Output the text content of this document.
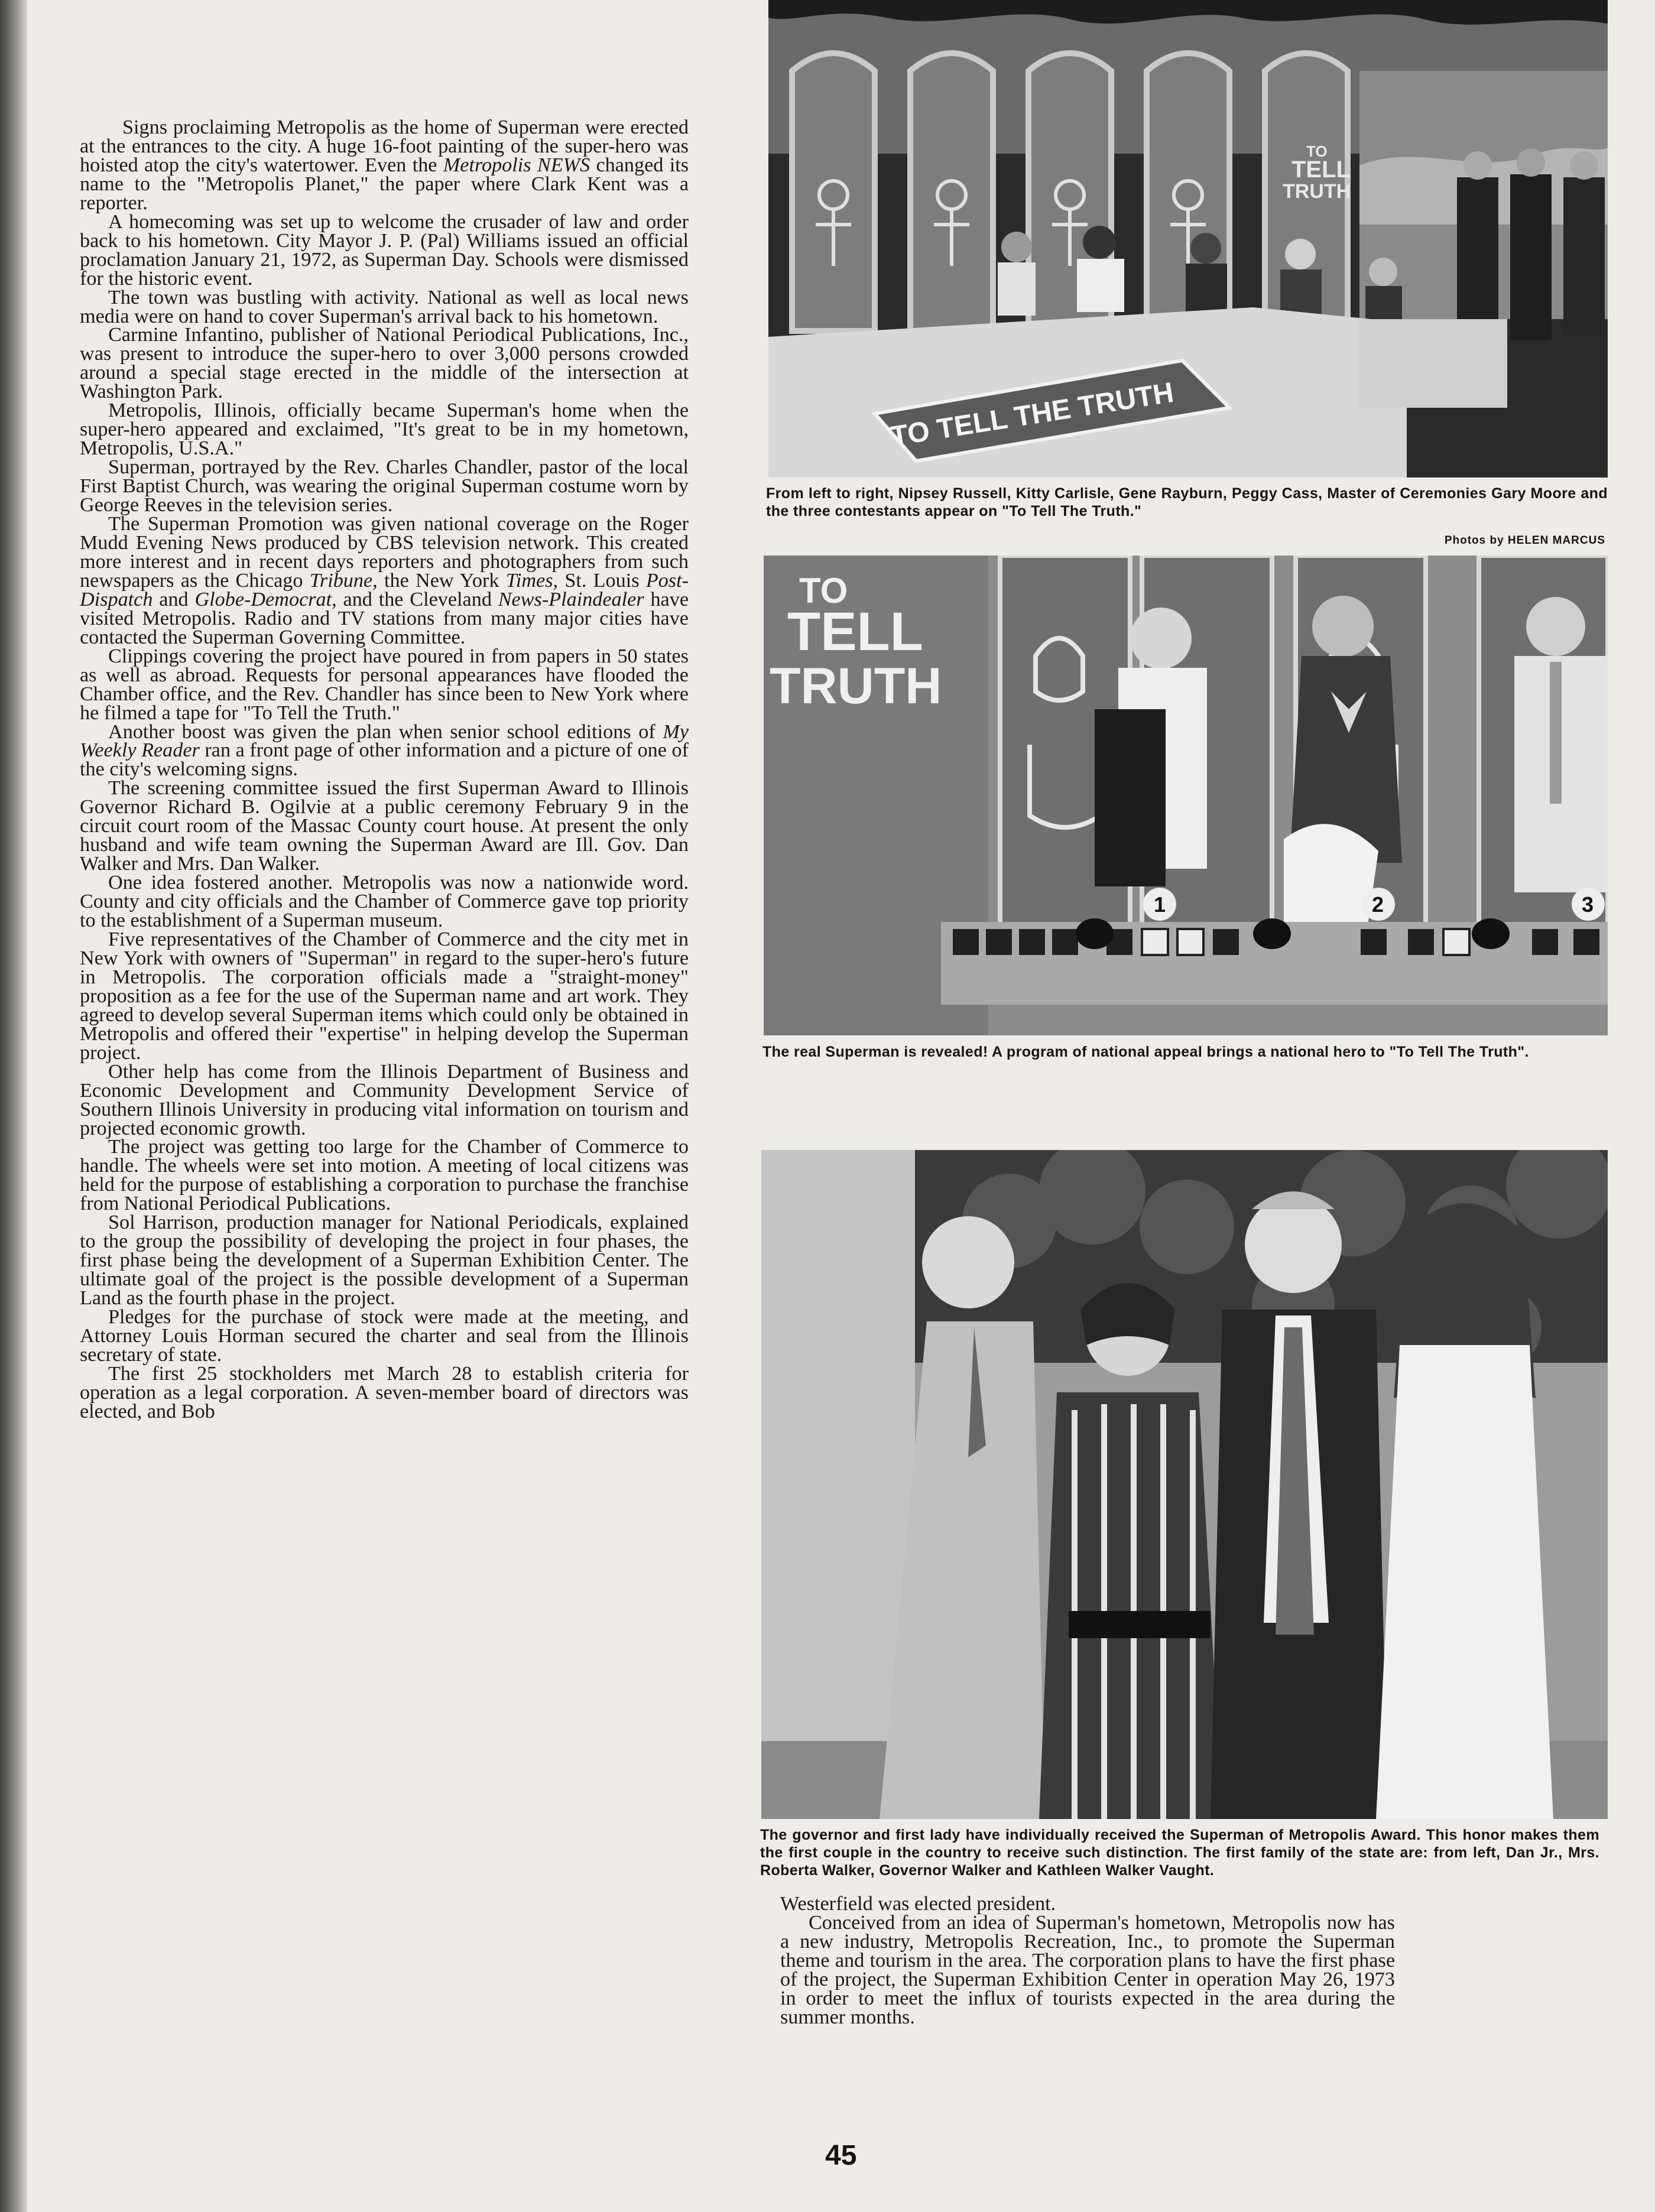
Signs proclaiming Metropolis as the home of Superman were erected at the entrances to the city. A huge 16-foot painting of the super-hero was hoisted atop the city's watertower. Even the Metropolis NEWS changed its name to the "Metropolis Planet," the paper where Clark Kent was a reporter.

A homecoming was set up to welcome the crusader of law and order back to his hometown. City Mayor J. P. (Pal) Williams issued an official proclamation January 21, 1972, as Superman Day. Schools were dismissed for the historic event.

The town was bustling with activity. National as well as local news media were on hand to cover Superman's arrival back to his hometown.

Carmine Infantino, publisher of National Periodical Publications, Inc., was present to introduce the super-hero to over 3,000 persons crowded around a special stage erected in the middle of the intersection at Washington Park.

Metropolis, Illinois, officially became Superman's home when the super-hero appeared and exclaimed, "It's great to be in my hometown, Metropolis, U.S.A."

Superman, portrayed by the Rev. Charles Chandler, pastor of the local First Baptist Church, was wearing the original Superman costume worn by George Reeves in the television series.

The Superman Promotion was given national coverage on the Roger Mudd Evening News produced by CBS television network. This created more interest and in recent days reporters and photographers from such newspapers as the Chicago Tribune, the New York Times, St. Louis Post-Dispatch and Globe-Democrat, and the Cleveland News-Plaindealer have visited Metropolis. Radio and TV stations from many major cities have contacted the Superman Governing Committee.

Clippings covering the project have poured in from papers in 50 states as well as abroad. Requests for personal appearances have flooded the Chamber office, and the Rev. Chandler has since been to New York where he filmed a tape for "To Tell the Truth."

Another boost was given the plan when senior school editions of My Weekly Reader ran a front page of other information and a picture of one of the city's welcoming signs.

The screening committee issued the first Superman Award to Illinois Governor Richard B. Ogilvie at a public ceremony February 9 in the circuit court room of the Massac County court house. At present the only husband and wife team owning the Superman Award are Ill. Gov. Dan Walker and Mrs. Dan Walker.

One idea fostered another. Metropolis was now a nationwide word. County and city officials and the Chamber of Commerce gave top priority to the establishment of a Superman museum.

Five representatives of the Chamber of Commerce and the city met in New York with owners of "Superman" in regard to the super-hero's future in Metropolis. The corporation officials made a "straight-money" proposition as a fee for the use of the Superman name and art work. They agreed to develop several Superman items which could only be obtained in Metropolis and offered their "expertise" in helping develop the Superman project.

Other help has come from the Illinois Department of Business and Economic Development and Community Development Service of Southern Illinois University in producing vital information on tourism and projected economic growth.

The project was getting too large for the Chamber of Commerce to handle. The wheels were set into motion. A meeting of local citizens was held for the purpose of establishing a corporation to purchase the franchise from National Periodical Publications.

Sol Harrison, production manager for National Periodicals, explained to the group the possibility of developing the project in four phases, the first phase being the development of a Superman Exhibition Center. The ultimate goal of the project is the possible development of a Superman Land as the fourth phase in the project.

Pledges for the purchase of stock were made at the meeting, and Attorney Louis Horman secured the charter and seal from the Illinois secretary of state.

The first 25 stockholders met March 28 to establish criteria for operation as a legal corporation. A seven-member board of directors was elected, and Bob

TO
TELL
TRUTH
TO TELL THE TRUTH
From left to right, Nipsey Russell, Kitty Carlisle, Gene Rayburn, Peggy Cass, Master of Ceremonies Gary Moore and the three contestants appear on "To Tell The Truth."
Photos by HELEN MARCUS
TO
TELL
TRUTH
1	2	3
The real Superman is revealed! A program of national appeal brings a national hero to "To Tell The Truth".
The governor and first lady have individually received the Superman of Metropolis Award. This honor makes them the first couple in the country to receive such distinction. The first family of the state are: from left, Dan Jr., Mrs. Roberta Walker, Governor Walker and Kathleen Walker Vaught.

Westerfield was elected president.

Conceived from an idea of Superman's hometown, Metropolis now has a new industry, Metropolis Recreation, Inc., to promote the Superman theme and tourism in the area. The corporation plans to have the first phase of the project, the Superman Exhibition Center in operation May 26, 1973 in order to meet the influx of tourists expected in the area during the summer months.

45
